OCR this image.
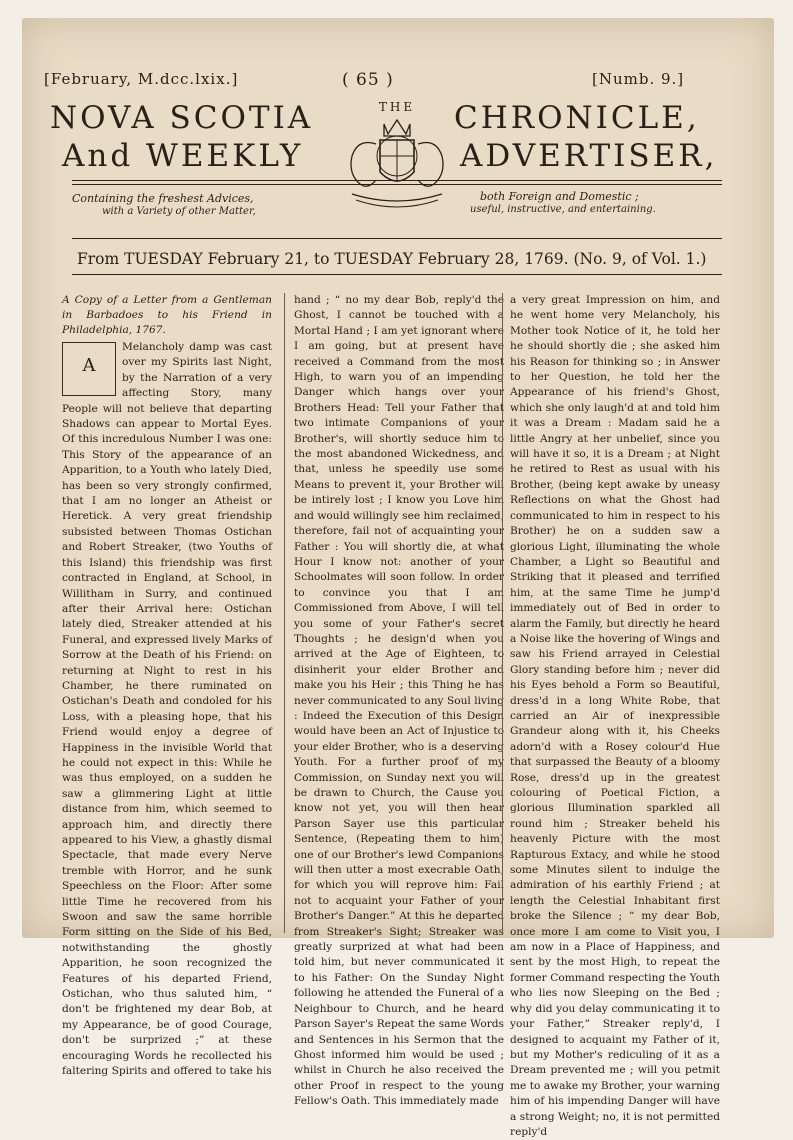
[February, M.dcc.lxix.]	( 65 )	[Numb. 9.]
THE
NOVA SCOTIA
And WEEKLY
CHRONICLE,
ADVERTISER,
Containing the freshest Advices,
with a Variety of other Matter,
both Foreign and Domestic ;
useful, instructive, and entertaining.
From TUESDAY February 21, to TUESDAY February 28, 1769. (No. 9, of Vol. 1.)

A Copy of a Letter from a Gentleman in Barbadoes to his Friend in Philadelphia, 1767.

A

Melancholy damp was cast over my Spirits last Night, by the Narration of a very affecting Story, many People will not believe that departing Shadows can appear to Mortal Eyes. Of this incredulous Number I was one: This Story of the appearance of an Apparition, to a Youth who lately Died, has been so very strongly confirmed, that I am no longer an Atheist or Heretick. A very great friendship subsisted between Thomas Ostichan and Robert Streaker, (two Youths of this Island) this friendship was first contracted in England, at School, in Willitham in Surry, and continued after their Arrival here: Ostichan lately died, Streaker attended at his Funeral, and expressed lively Marks of Sorrow at the Death of his Friend: on returning at Night to rest in his Chamber, he there ruminated on Ostichan's Death and condoled for his Loss, with a pleasing hope, that his Friend would enjoy a degree of Happiness in the invisible World that he could not expect in this: While he was thus employed, on a sudden he saw a glimmering Light at little distance from him, which seemed to approach him, and directly there appeared to his View, a ghastly dismal Spectacle, that made every Nerve tremble with Horror, and he sunk Speechless on the Floor: After some little Time he recovered from his Swoon and saw the same horrible Form sitting on the Side of his Bed, notwithstanding the ghostly Apparition, he soon recognized the Features of his departed Friend, Ostichan, who thus saluted him, “ don't be frightened my dear Bob, at my Appearance, be of good Courage, don't be surprized ;” at these encouraging Words he recollected his faltering Spirits and offered to take his

hand ; “ no my dear Bob, reply'd the Ghost, I cannot be touched with a Mortal Hand ; I am yet ignorant where I am going, but at present have received a Command from the most High, to warn you of an impending Danger which hangs over your Brothers Head: Tell your Father that two intimate Companions of your Brother's, will shortly seduce him to the most abandoned Wickedness, and that, unless he speedily use some Means to prevent it, your Brother will be intirely lost ; I know you Love him and would willingly see him reclaimed, therefore, fail not of acquainting your Father : You will shortly die, at what Hour I know not: another of your Schoolmates will soon follow. In order to convince you that I am Commissioned from Above, I will tell you some of your Father's secret Thoughts ; he design'd when you arrived at the Age of Eighteen, to disinherit your elder Brother and make you his Heir ; this Thing he has never communicated to any Soul living : Indeed the Execution of this Design would have been an Act of Injustice to your elder Brother, who is a deserving Youth. For a further proof of my Commission, on Sunday next you will be drawn to Church, the Cause you know not yet, you will then hear Parson Sayer use this particular Sentence, (Repeating them to him) one of our Brother's lewd Companions will then utter a most execrable Oath, for which you will reprove him: Fail not to acquaint your Father of your Brother's Danger.” At this he departed from Streaker's Sight; Streaker was greatly surprized at what had been told him, but never communicated it to his Father: On the Sunday Night following he attended the Funeral of a Neighbour to Church, and he heard Parson Sayer's Repeat the same Words and Sentences in his Sermon that the Ghost informed him would be used ; whilst in Church he also received the other Proof in respect to the young Fellow's Oath. This immediately made

a very great Impression on him, and he went home very Melancholy, his Mother took Notice of it, he told her he should shortly die ; she asked him his Reason for thinking so ; in Answer to her Question, he told her the Appearance of his friend's Ghost, which she only laugh'd at and told him it was a Dream : Madam said he a little Angry at her unbelief, since you will have it so, it is a Dream ; at Night he retired to Rest as usual with his Brother, (being kept awake by uneasy Reflections on what the Ghost had communicated to him in respect to his Brother) he on a sudden saw a glorious Light, illuminating the whole Chamber, a Light so Beautiful and Striking that it pleased and terrified him, at the same Time he jump'd immediately out of Bed in order to alarm the Family, but directly he heard a Noise like the hovering of Wings and saw his Friend arrayed in Celestial Glory standing before him ; never did his Eyes behold a Form so Beautiful, dress'd in a long White Robe, that carried an Air of inexpressible Grandeur along with it, his Cheeks adorn'd with a Rosey colour'd Hue that surpassed the Beauty of a bloomy Rose, dress'd up in the greatest colouring of Poetical Fiction, a glorious Illumination sparkled all round him ; Streaker beheld his heavenly Picture with the most Rapturous Extacy, and while he stood some Minutes silent to indulge the admiration of his earthly Friend ; at length the Celestial Inhabitant first broke the Silence ; “ my dear Bob, once more I am come to Visit you, I am now in a Place of Happiness, and sent by the most High, to repeat the former Command respecting the Youth who lies now Sleeping on the Bed ; why did you delay communicating it to your Father,” Streaker reply'd, I designed to acquaint my Father of it, but my Mother's rediculing of it as a Dream prevented me ; will you petmit me to awake my Brother, your warning him of his impending Danger will have a strong Weight; no, it is not permitted reply'd
